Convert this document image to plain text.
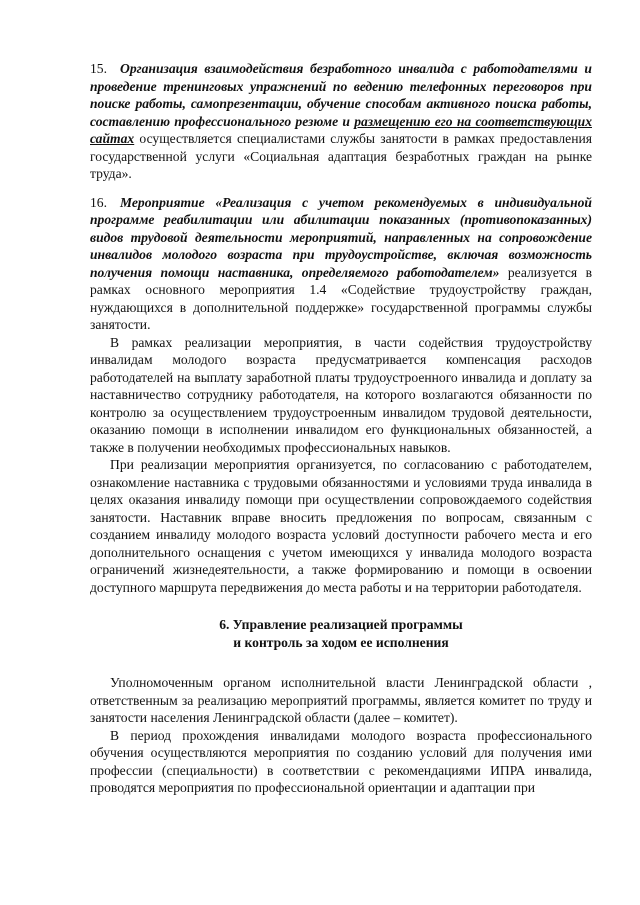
15. Организация взаимодействия безработного инвалида с работодателями и проведение тренинговых упражнений по ведению телефонных переговоров при поиске работы, самопрезентации, обучение способам активного поиска работы, составлению профессионального резюме и размещению его на соответствующих сайтах осуществляется специалистами службы занятости в рамках предоставления государственной услуги «Социальная адаптация безработных граждан на рынке труда».

16. Мероприятие «Реализация с учетом рекомендуемых в индивидуальной программе реабилитации или абилитации показанных (противопоказанных) видов трудовой деятельности мероприятий, направленных на сопровождение инвалидов молодого возраста при трудоустройстве, включая возможность получения помощи наставника, определяемого работодателем» реализуется в рамках основного мероприятия 1.4 «Содействие трудоустройству граждан, нуждающихся в дополнительной поддержке» государственной программы службы занятости.

В рамках реализации мероприятия, в части содействия трудоустройству инвалидам молодого возраста предусматривается компенсация расходов работодателей на выплату заработной платы трудоустроенного инвалида и доплату за наставничество сотруднику работодателя, на которого возлагаются обязанности по контролю за осуществлением трудоустроенным инвалидом трудовой деятельности, оказанию помощи в исполнении инвалидом его функциональных обязанностей, а также в получении необходимых профессиональных навыков.

При реализации мероприятия организуется, по согласованию с работодателем, ознакомление наставника с трудовыми обязанностями и условиями труда инвалида в целях оказания инвалиду помощи при осуществлении сопровождаемого содействия занятости. Наставник вправе вносить предложения по вопросам, связанным с созданием инвалиду молодого возраста условий доступности рабочего места и его дополнительного оснащения с учетом имеющихся у инвалида молодого возраста ограничений жизнедеятельности, а также формированию и помощи в освоении доступного маршрута передвижения до места работы и на территории работодателя.

6. Управление реализацией программы
и контроль за ходом ее исполнения

Уполномоченным органом исполнительной власти Ленинградской области , ответственным за реализацию мероприятий программы, является комитет по труду и занятости населения Ленинградской области (далее – комитет).

В период прохождения инвалидами молодого возраста профессионального обучения осуществляются мероприятия по созданию условий для получения ими профессии (специальности) в соответствии с рекомендациями ИПРА инвалида, проводятся мероприятия по профессиональной ориентации и адаптации при
